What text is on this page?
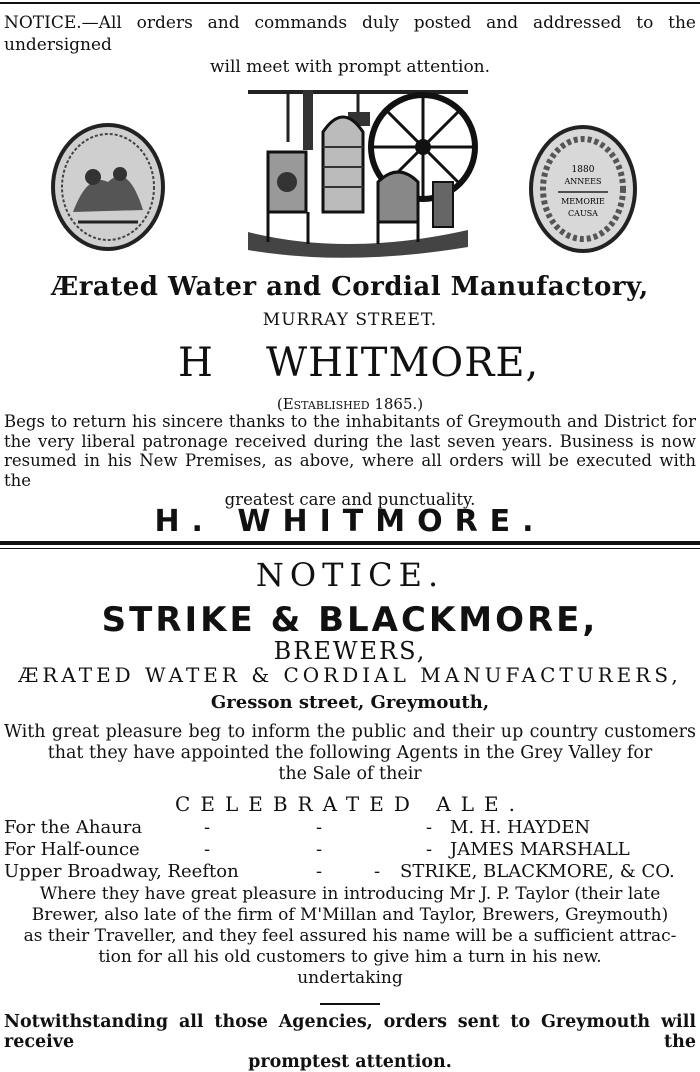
NOTICE.—All orders and commands duly posted and addressed to the undersigned
will meet with prompt attention.
1880
ANNEES
MEMORIE
CAUSA
Ærated Water and Cordial Manufactory,
MURRAY STREET.
H WHITMORE,
(Established 1865.)
Begs to return his sincere thanks to the inhabitants of Greymouth and District for
the very liberal patronage received during the last seven years. Business is now
resumed in his New Premises, as above, where all orders will be executed with the
greatest care and punctuality.
H. WHITMORE.
NOTICE.
STRIKE & BLACKMORE,
BREWERS,
ÆRATED WATER & CORDIAL MANUFACTURERS,
Gresson street, Greymouth,
With great pleasure beg to inform the public and their up country customers
that they have appointed the following Agents in the Grey Valley for
the Sale of their
CELEBRATED ALE.
For the Ahaura	-	-	- M. H. HAYDEN
For Half-ounce	-	-	- JAMES MARSHALL
Upper Broadway, Reefton	-	- STRIKE, BLACKMORE, & CO.
Where they have great pleasure in introducing Mr J. P. Taylor (their late
Brewer, also late of the firm of M'Millan and Taylor, Brewers, Greymouth)
as their Traveller, and they feel assured his name will be a sufficient attrac-
tion for all his old customers to give him a turn in his new.
undertaking
Notwithstanding all those Agencies, orders sent to Greymouth will receive the
promptest attention.
